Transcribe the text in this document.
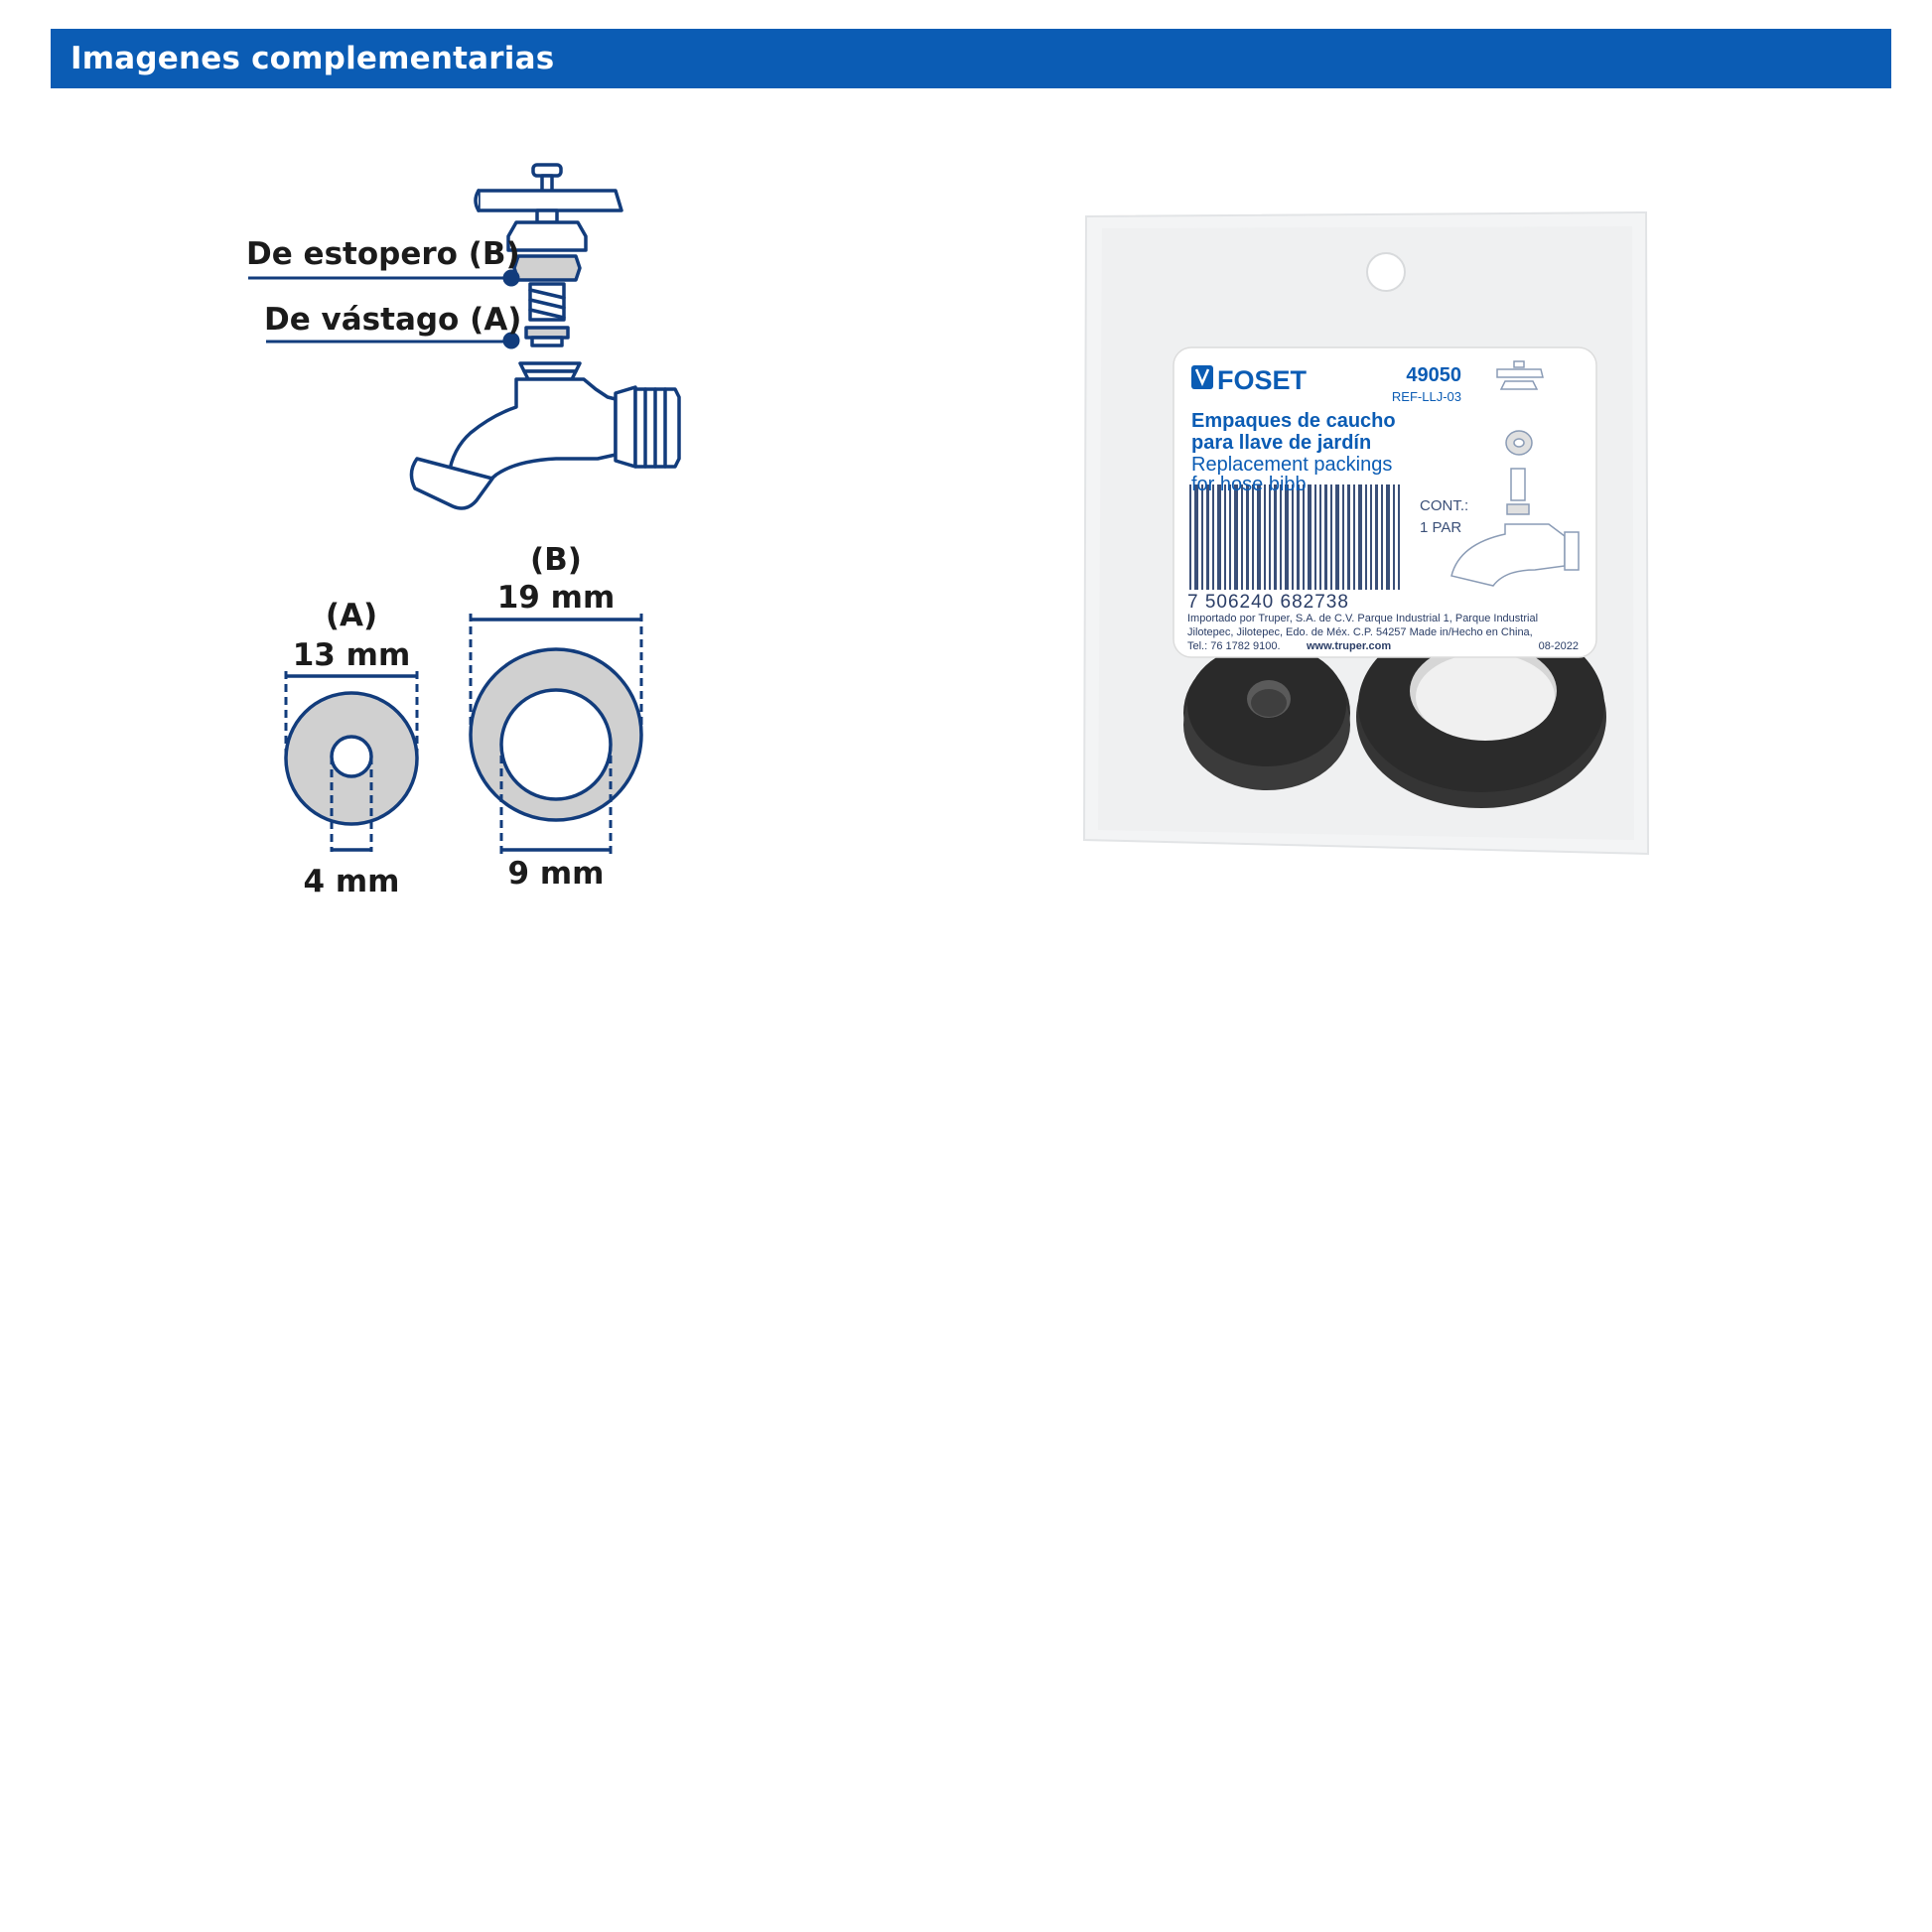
Imagenes complementarias
De estopero (B)
De vástago (A)
(A)
13 mm
4 mm
(B)
19 mm
9 mm
FOSET	49050
REF-LLJ-03
Empaques de caucho
para llave de jardín
Replacement packings
for hose bibb
CONT.:
1 PAR
7 506240 682738
Importado por Truper, S.A. de C.V. Parque Industrial 1, Parque Industrial
Jilotepec, Jilotepec, Edo. de Méx. C.P. 54257 Made in/Hecho en China,
Tel.: 76 1782 9100. www.truper.com	08-2022
